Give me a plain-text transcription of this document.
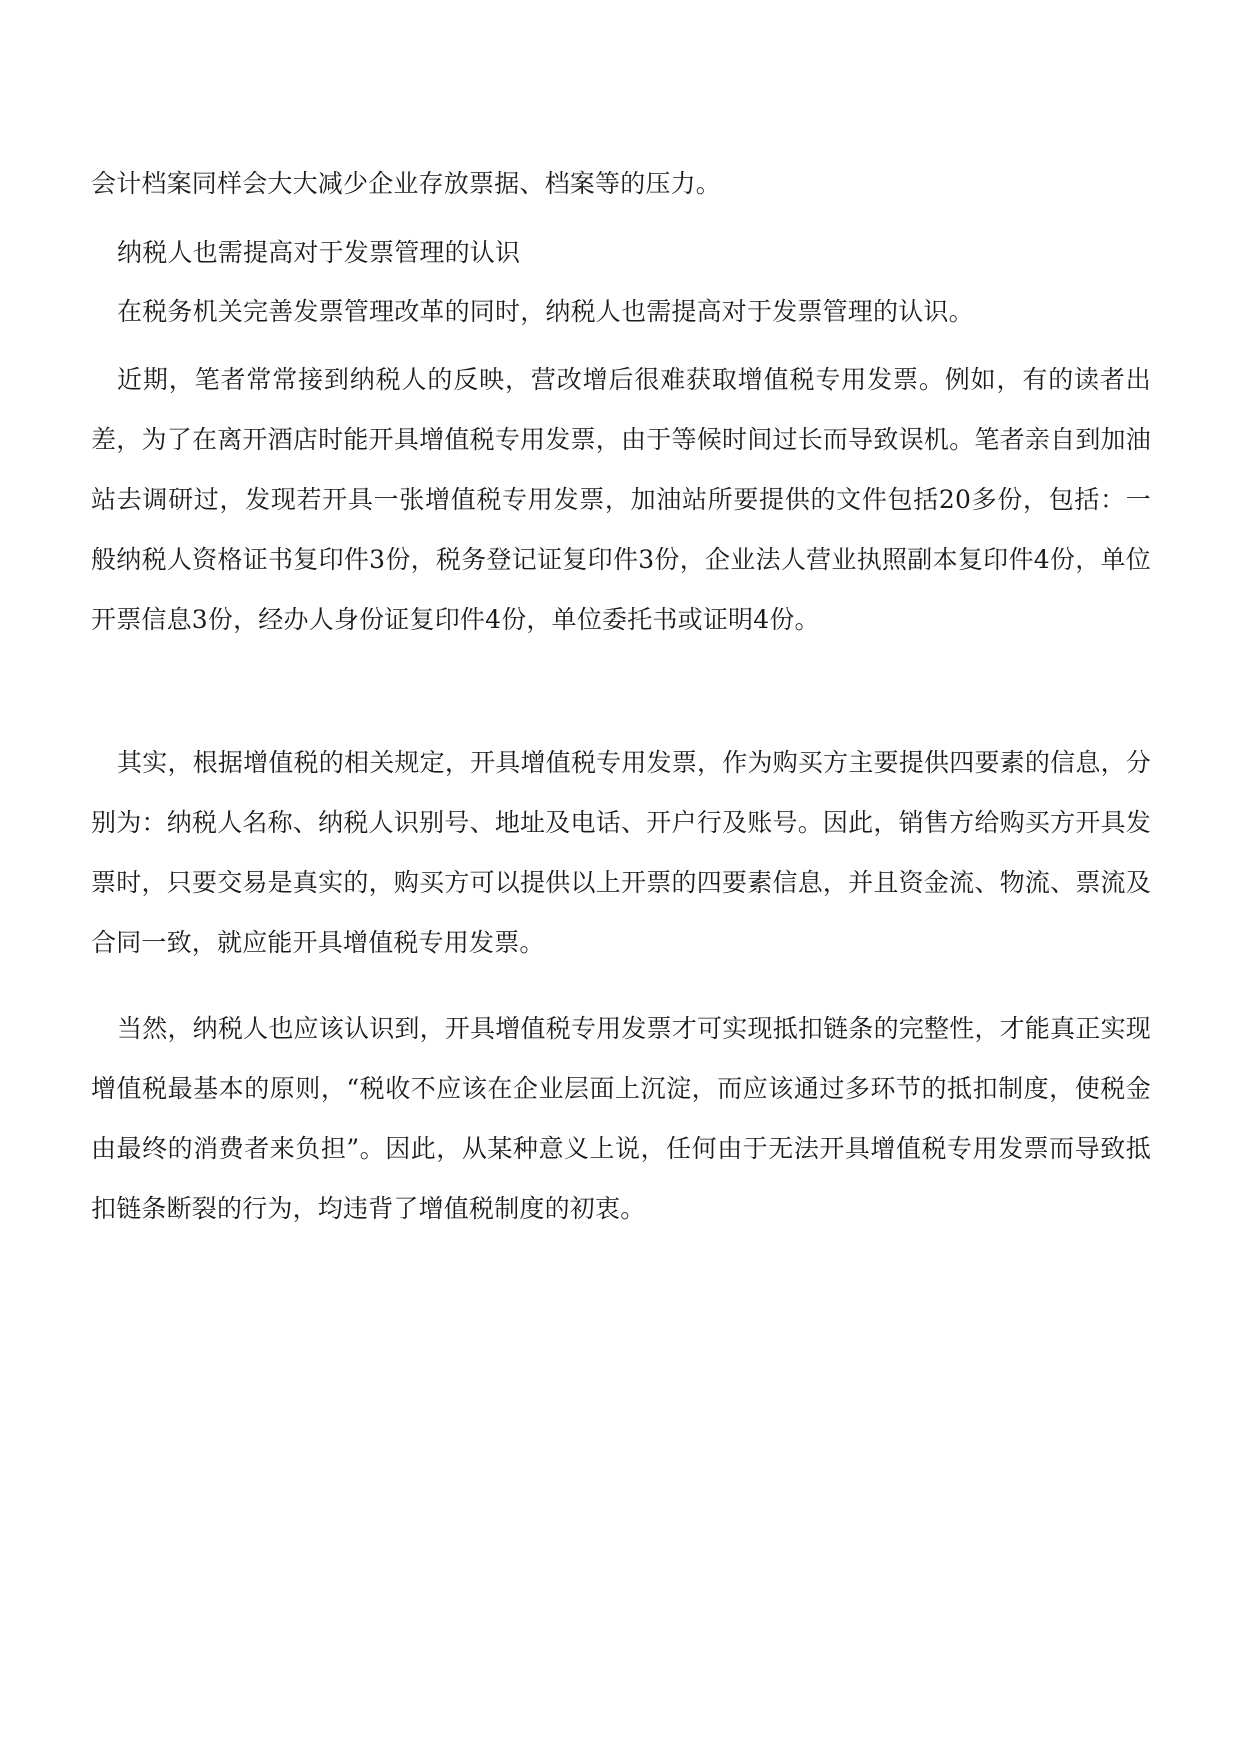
会计档案同样会大大减少企业存放票据、档案等的压力。

纳税人也需提高对于发票管理的认识

在税务机关完善发票管理改革的同时，纳税人也需提高对于发票管理的认识。

近期，笔者常常接到纳税人的反映，营改增后很难获取增值税专用发票。例如，有的读者出差，为了在离开酒店时能开具增值税专用发票，由于等候时间过长而导致误机。笔者亲自到加油站去调研过，发现若开具一张增值税专用发票，加油站所要提供的文件包括20多份，包括：一般纳税人资格证书复印件3份，税务登记证复印件3份，企业法人营业执照副本复印件4份，单位开票信息3份，经办人身份证复印件4份，单位委托书或证明4份。

其实，根据增值税的相关规定，开具增值税专用发票，作为购买方主要提供四要素的信息，分别为：纳税人名称、纳税人识别号、地址及电话、开户行及账号。因此，销售方给购买方开具发票时，只要交易是真实的，购买方可以提供以上开票的四要素信息，并且资金流、物流、票流及合同一致，就应能开具增值税专用发票。

当然，纳税人也应该认识到，开具增值税专用发票才可实现抵扣链条的完整性，才能真正实现增值税最基本的原则，“税收不应该在企业层面上沉淀，而应该通过多环节的抵扣制度，使税金由最终的消费者来负担”。因此，从某种意义上说，任何由于无法开具增值税专用发票而导致抵扣链条断裂的行为，均违背了增值税制度的初衷。
